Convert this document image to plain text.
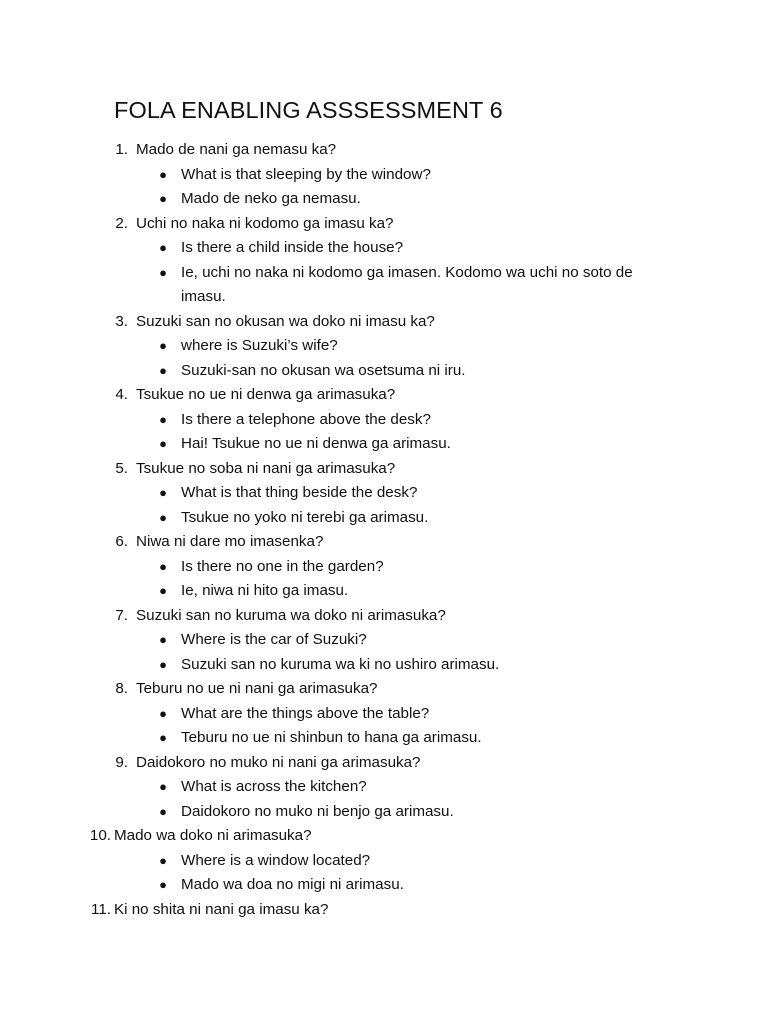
FOLA ENABLING ASSSESSMENT 6
1. Mado de nani ga nemasu ka?
● What is that sleeping by the window?
● Mado de neko ga nemasu.
2. Uchi no naka ni kodomo ga imasu ka?
● Is there a child inside the house?
● Ie, uchi no naka ni kodomo ga imasen. Kodomo wa uchi no soto de imasu.
3. Suzuki san no okusan wa doko ni imasu ka?
● where is Suzuki’s wife?
● Suzuki-san no okusan wa osetsuma ni iru.
4. Tsukue no ue ni denwa ga arimasuka?
● Is there a telephone above the desk?
● Hai! Tsukue no ue ni denwa ga arimasu.
5. Tsukue no soba ni nani ga arimasuka?
● What is that thing beside the desk?
● Tsukue no yoko ni terebi ga arimasu.
6. Niwa ni dare mo imasenka?
● Is there no one in the garden?
● Ie, niwa ni hito ga imasu.
7. Suzuki san no kuruma wa doko ni arimasuka?
● Where is the car of Suzuki?
● Suzuki san no kuruma wa ki no ushiro arimasu.
8. Teburu no ue ni nani ga arimasuka?
● What are the things above the table?
● Teburu no ue ni shinbun to hana ga arimasu.
9. Daidokoro no muko ni nani ga arimasuka?
● What is across the kitchen?
● Daidokoro no muko ni benjo ga arimasu.
10. Mado wa doko ni arimasuka?
● Where is a window located?
● Mado wa doa no migi ni arimasu.
11. Ki no shita ni nani ga imasu ka?
